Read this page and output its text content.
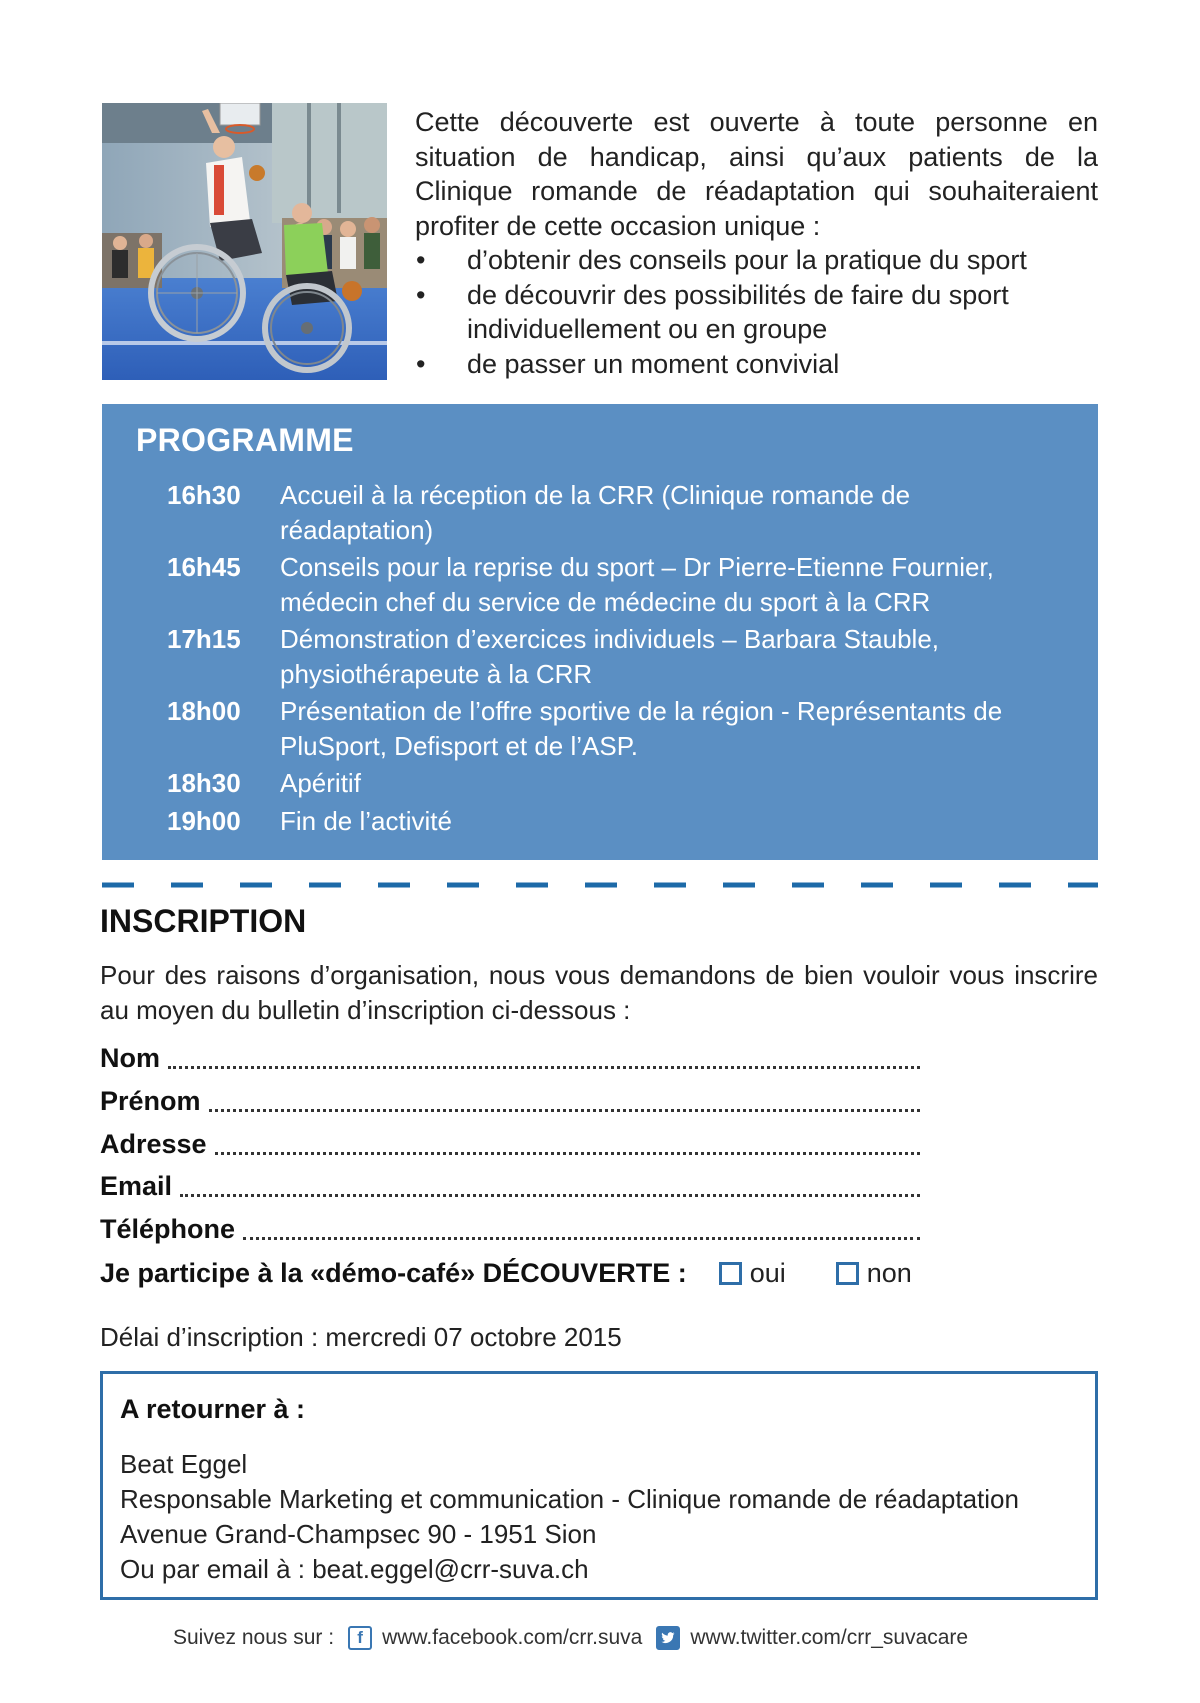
Cette découverte est ouverte à toute personne en situation de handicap, ainsi qu’aux patients de la Clinique romande de réadaptation qui souhaiteraient profiter de cette occasion unique :

• d’obtenir des conseils pour la pratique du sport
• de découvrir des possibilités de faire du sport individuellement ou en groupe
• de passer un moment convivial
PROGRAMME
16h30	Accueil à la réception de la CRR (Clinique romande de réadaptation)
16h45	Conseils pour la reprise du sport – Dr Pierre-Etienne Fournier, médecin chef du service de médecine du sport à la CRR
17h15	Démonstration d’exercices individuels – Barbara Stauble, physiothérapeute à la CRR
18h00	Présentation de l’offre sportive de la région - Représentants de PluSport, Defisport et de l’ASP.
18h30	Apéritif
19h00	Fin de l’activité
INSCRIPTION

Pour des raisons d’organisation, nous vous demandons de bien vouloir vous inscrire au moyen du bulletin d’inscription ci-dessous :

Nom
Prénom
Adresse
Email
Téléphone
Je participe à la «démo-café» DÉCOUVERTE : oui	non

Délai d’inscription : mercredi 07 octobre 2015

A retourner à :
Beat Eggel
Responsable Marketing et communication - Clinique romande de réadaptation
Avenue Grand-Champsec 90 - 1951 Sion
Ou par email à : beat.eggel@crr-suva.ch
Suivez nous sur :	f www.facebook.com/crr.suva www.twitter.com/crr_suvacare
